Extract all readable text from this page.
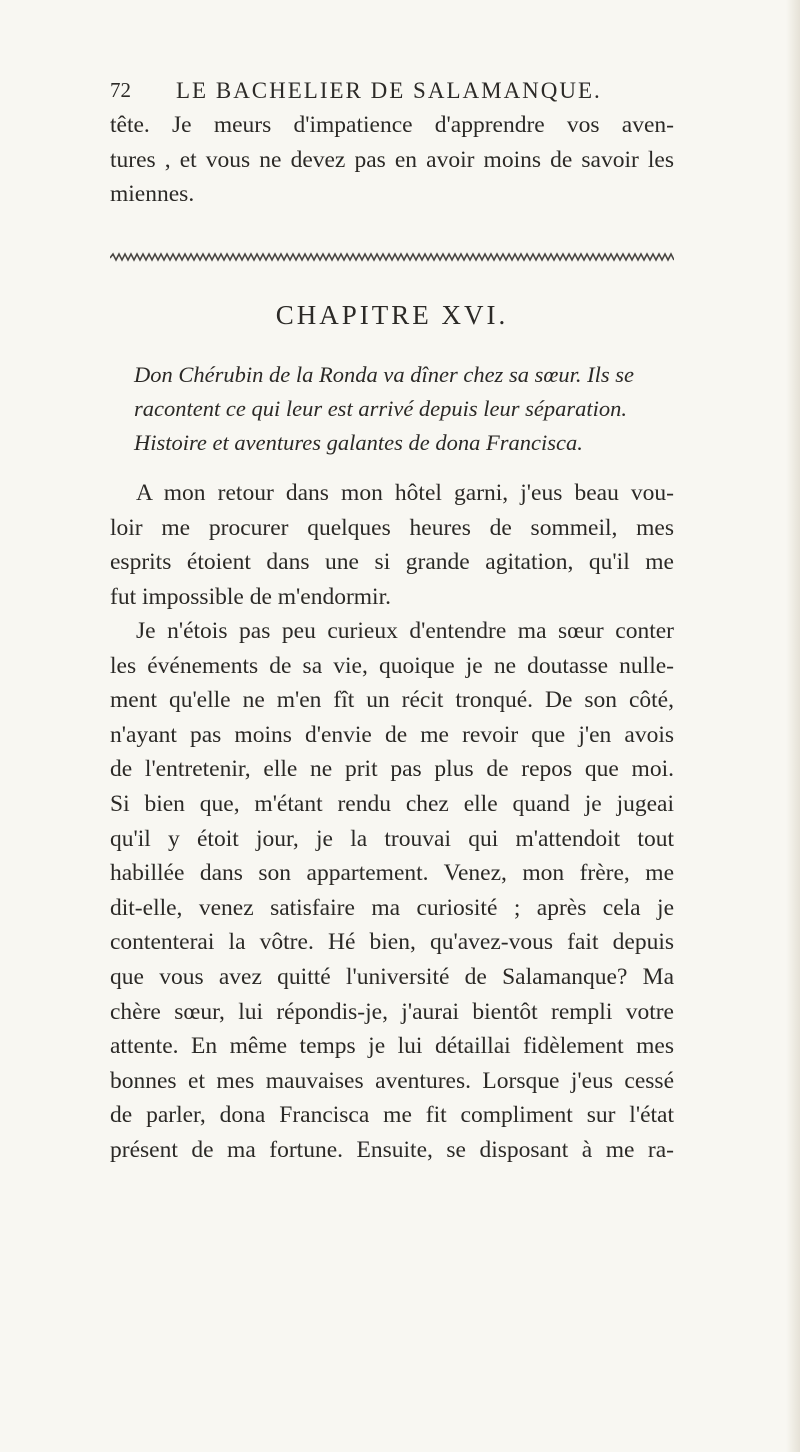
72 LE BACHELIER DE SALAMANQUE.
tête. Je meurs d'impatience d'apprendre vos aven-
tures , et vous ne devez pas en avoir moins de savoir les
miennes.
CHAPITRE XVI.
Don Chérubin de la Ronda va dîner chez sa sœur. Ils se
racontent ce qui leur est arrivé depuis leur séparation.
Histoire et aventures galantes de dona Francisca.
A mon retour dans mon hôtel garni, j'eus beau vou-
loir me procurer quelques heures de sommeil, mes
esprits étoient dans une si grande agitation, qu'il me
fut impossible de m'endormir.
Je n'étois pas peu curieux d'entendre ma sœur conter
les événements de sa vie, quoique je ne doutasse nulle-
ment qu'elle ne m'en fît un récit tronqué. De son côté,
n'ayant pas moins d'envie de me revoir que j'en avois
de l'entretenir, elle ne prit pas plus de repos que moi.
Si bien que, m'étant rendu chez elle quand je jugeai
qu'il y étoit jour, je la trouvai qui m'attendoit tout
habillée dans son appartement. Venez, mon frère, me
dit-elle, venez satisfaire ma curiosité ; après cela je
contenterai la vôtre. Hé bien, qu'avez-vous fait depuis
que vous avez quitté l'université de Salamanque? Ma
chère sœur, lui répondis-je, j'aurai bientôt rempli votre
attente. En même temps je lui détaillai fidèlement mes
bonnes et mes mauvaises aventures. Lorsque j'eus cessé
de parler, dona Francisca me fit compliment sur l'état
présent de ma fortune. Ensuite, se disposant à me ra-
